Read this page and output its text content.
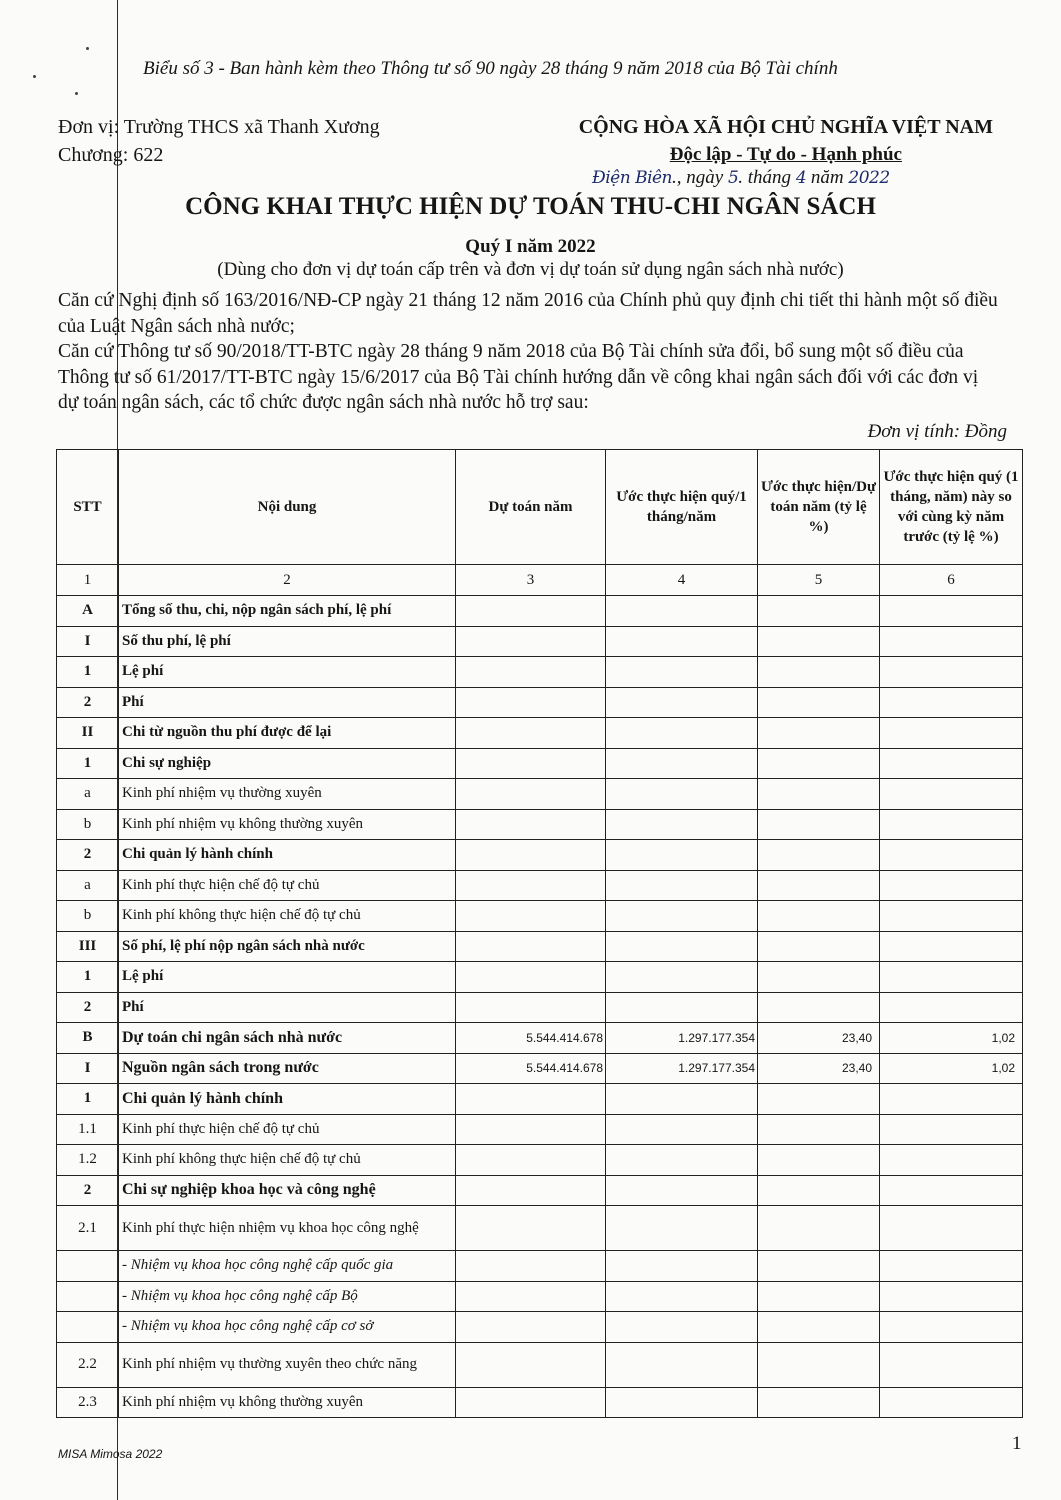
Biểu số 3 - Ban hành kèm theo Thông tư số 90 ngày 28 tháng 9 năm 2018 của Bộ Tài chính
Đơn vị: Trường THCS xã Thanh Xương
Chương: 622
CỘNG HÒA XÃ HỘI CHỦ NGHĨA VIỆT NAM
Độc lập - Tự do - Hạnh phúc
Điện Biên., ngày 5. tháng 4 năm 2022
CÔNG KHAI THỰC HIỆN DỰ TOÁN THU-CHI NGÂN SÁCH
Quý I năm 2022
(Dùng cho đơn vị dự toán cấp trên và đơn vị dự toán sử dụng ngân sách nhà nước)

Căn cứ Nghị định số 163/2016/NĐ-CP ngày 21 tháng 12 năm 2016 của Chính phủ quy định chi tiết thi hành một số điều của Luật Ngân sách nhà nước;

Căn cứ Thông tư số 90/2018/TT-BTC ngày 28 tháng 9 năm 2018 của Bộ Tài chính sửa đổi, bổ sung một số điều của Thông tư số 61/2017/TT-BTC ngày 15/6/2017 của Bộ Tài chính hướng dẫn về công khai ngân sách đối với các đơn vị dự toán ngân sách, các tổ chức được ngân sách nhà nước hỗ trợ sau:

Đơn vị tính: Đồng
STT	Nội dung	Dự toán năm	Ước thực hiện quý/1 tháng/năm	Ước thực hiện/Dự toán năm (tỷ lệ %)	Ước thực hiện quý (1 tháng, năm) này so với cùng kỳ năm trước (tỷ lệ %)
1	2	3	4	5	6
A	Tổng số thu, chi, nộp ngân sách phí, lệ phí				
I	Số thu phí, lệ phí				
1	Lệ phí				
2	Phí				
II	Chi từ nguồn thu phí được để lại				
1	Chi sự nghiệp				
a	Kinh phí nhiệm vụ thường xuyên				
b	Kinh phí nhiệm vụ không thường xuyên				
2	Chi quản lý hành chính				
a	Kinh phí thực hiện chế độ tự chủ				
b	Kinh phí không thực hiện chế độ tự chủ				
III	Số phí, lệ phí nộp ngân sách nhà nước				
1	Lệ phí				
2	Phí				
B	Dự toán chi ngân sách nhà nước	5.544.414.678	1.297.177.354	23,40	1,02
I	Nguồn ngân sách trong nước	5.544.414.678	1.297.177.354	23,40	1,02
1	Chi quản lý hành chính				
1.1	Kinh phí thực hiện chế độ tự chủ				
1.2	Kinh phí không thực hiện chế độ tự chủ				
2	Chi sự nghiệp khoa học và công nghệ				
2.1	Kinh phí thực hiện nhiệm vụ khoa học công nghệ				
	- Nhiệm vụ khoa học công nghệ cấp quốc gia				
	- Nhiệm vụ khoa học công nghệ cấp Bộ				
	- Nhiệm vụ khoa học công nghệ cấp cơ sở				
2.2	Kinh phí nhiệm vụ thường xuyên theo chức năng				
2.3	Kinh phí nhiệm vụ không thường xuyên				
MISA Mimosa 2022	1
